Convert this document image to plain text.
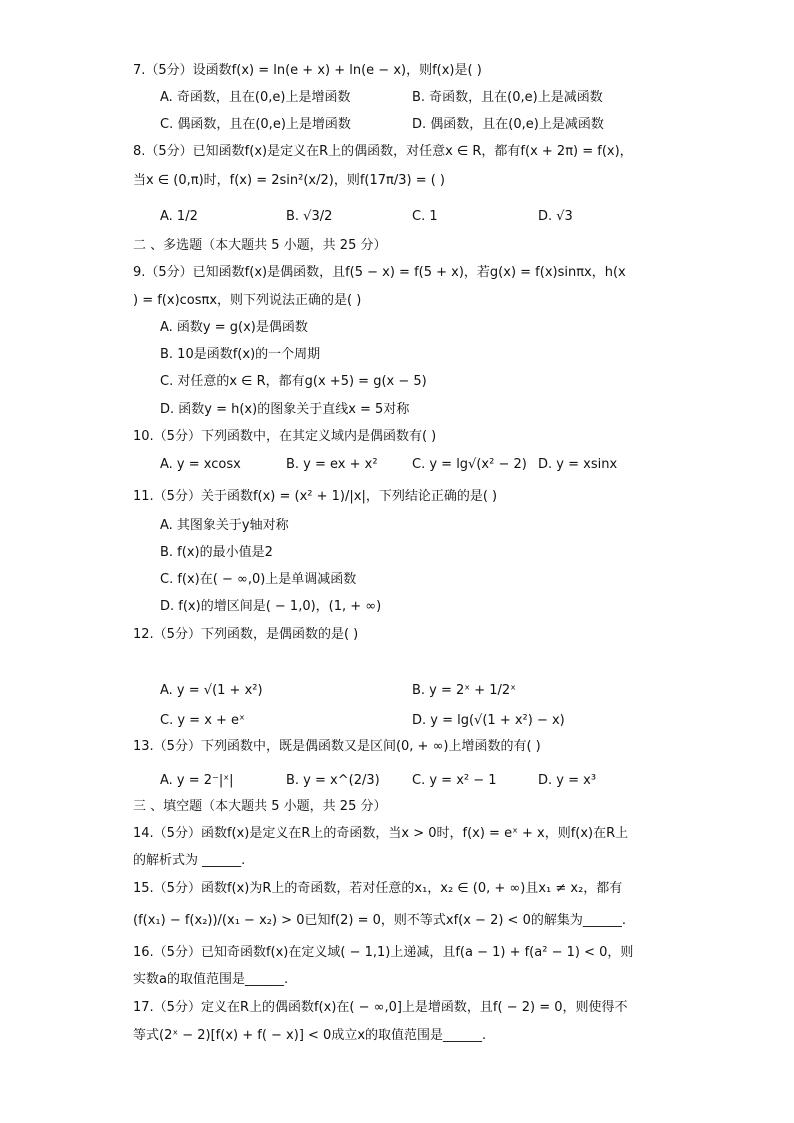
7.（5分）设函数f(x) = ln(e + x) + ln(e − x)，则f(x)是( )
A. 奇函数，且在(0,e)上是增函数	B. 奇函数，且在(0,e)上是减函数
C. 偶函数，且在(0,e)上是增函数	D. 偶函数，且在(0,e)上是减函数
8.（5分）已知函数f(x)是定义在R上的偶函数，对任意x ∈ R，都有f(x + 2π) = f(x)，
当x ∈ (0,π)时，f(x) = 2sin²(x/2)，则f(17π/3) = ( )
A. 1/2	B. √3/2	C. 1	D. √3
二 、多选题（本大题共 5 小题，共 25 分）
9.（5分）已知函数f(x)是偶函数，且f(5 − x) = f(5 + x)，若g(x) = f(x)sinπx，h(x
) = f(x)cosπx，则下列说法正确的是( )
A. 函数y = g(x)是偶函数
B. 10是函数f(x)的一个周期
C. 对任意的x ∈ R，都有g(x +5) = g(x − 5)
D. 函数y = h(x)的图象关于直线x = 5对称
10.（5分）下列函数中，在其定义域内是偶函数有( )
A. y = xcosx	B. y = ex + x²	C. y = lg√(x² − 2) D. y = xsinx
11.（5分）关于函数f(x) = (x² + 1)/|x|，下列结论正确的是( )
A. 其图象关于y轴对称
B. f(x)的最小值是2
C. f(x)在( − ∞,0)上是单调减函数
D. f(x)的增区间是( − 1,0)，(1, + ∞)
12.（5分）下列函数，是偶函数的是( )
A. y = √(1 + x²)	B. y = 2ˣ + 1/2ˣ
C. y = x + eˣ	D. y = lg(√(1 + x²) − x)
13.（5分）下列函数中，既是偶函数又是区间(0, + ∞)上增函数的有( )
A. y = 2⁻|ˣ|	B. y = x^(2/3) C. y = x² − 1	D. y = x³
三 、填空题（本大题共 5 小题，共 25 分）
14.（5分）函数f(x)是定义在R上的奇函数，当x > 0时，f(x) = eˣ + x，则f(x)在R上
的解析式为 ______.
15.（5分）函数f(x)为R上的奇函数，若对任意的x₁，x₂ ∈ (0, + ∞)且x₁ ≠ x₂，都有
(f(x₁) − f(x₂))/(x₁ − x₂) > 0已知f(2) = 0，则不等式xf(x − 2) < 0的解集为______.
16.（5分）已知奇函数f(x)在定义域( − 1,1)上递减，且f(a − 1) + f(a² − 1) < 0，则
实数a的取值范围是______.
17.（5分）定义在R上的偶函数f(x)在( − ∞,0]上是增函数，且f( − 2) = 0，则使得不
等式(2ˣ − 2)[f(x) + f( − x)] < 0成立x的取值范围是______.
